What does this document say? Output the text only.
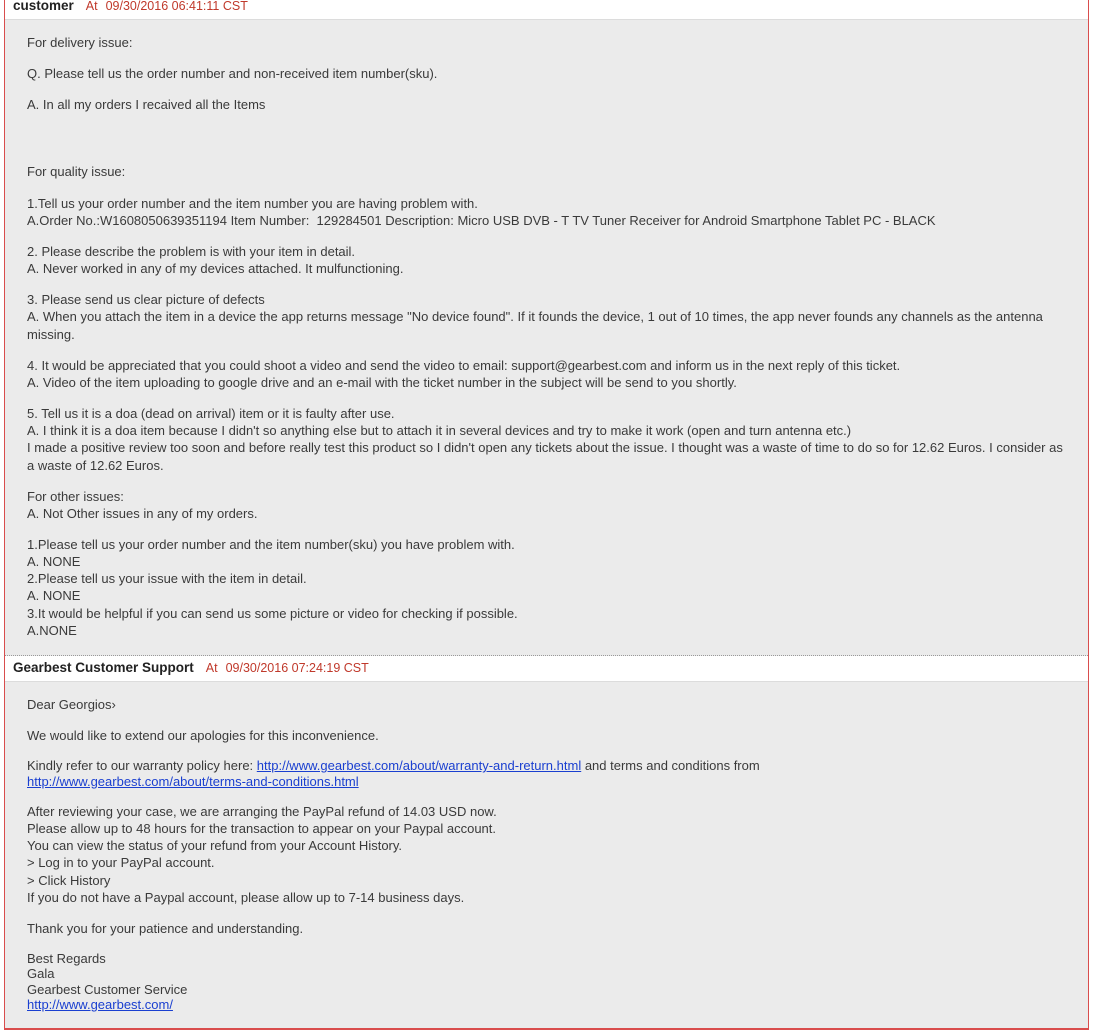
customer At 09/30/2016 06:41:11 CST
For delivery issue:
Q. Please tell us the order number and non-received item number(sku).
A. In all my orders I recaived all the Items
For quality issue:
1.Tell us your order number and the item number you are having problem with.
A.Order No.:W1608050639351194 Item Number:  129284501 Description: Micro USB DVB - T TV Tuner Receiver for Android Smartphone Tablet PC - BLACK
2. Please describe the problem is with your item in detail.
A. Never worked in any of my devices attached. It mulfunctioning.
3. Please send us clear picture of defects
A. When you attach the item in a device the app returns message "No device found". If it founds the device, 1 out of 10 times, the app never founds any channels as the antenna missing.
4. It would be appreciated that you could shoot a video and send the video to email: support@gearbest.com and inform us in the next reply of this ticket.
A. Video of the item uploading to google drive and an e-mail with the ticket number in the subject will be send to you shortly.
5. Tell us it is a doa (dead on arrival) item or it is faulty after use.
A. I think it is a doa item because I didn't so anything else but to attach it in several devices and try to make it work (open and turn antenna etc.)
I made a positive review too soon and before really test this product so I didn't open any tickets about the issue. I thought was a waste of time to do so for 12.62 Euros. I consider as a waste of 12.62 Euros.
For other issues:
A. Not Other issues in any of my orders.
1.Please tell us your order number and the item number(sku) you have problem with.
A. NONE
2.Please tell us your issue with the item in detail.
A. NONE
3.It would be helpful if you can send us some picture or video for checking if possible.
A.NONE
Gearbest Customer Support At 09/30/2016 07:24:19 CST
Dear Georgios›
We would like to extend our apologies for this inconvenience.
Kindly refer to our warranty policy here: http://www.gearbest.com/about/warranty-and-return.html and terms and conditions from
http://www.gearbest.com/about/terms-and-conditions.html
After reviewing your case, we are arranging the PayPal refund of 14.03 USD now.
Please allow up to 48 hours for the transaction to appear on your Paypal account.
You can view the status of your refund from your Account History.
> Log in to your PayPal account.
> Click History
If you do not have a Paypal account, please allow up to 7-14 business days.
Thank you for your patience and understanding.
Best Regards
Gala
Gearbest Customer Service
http://www.gearbest.com/
